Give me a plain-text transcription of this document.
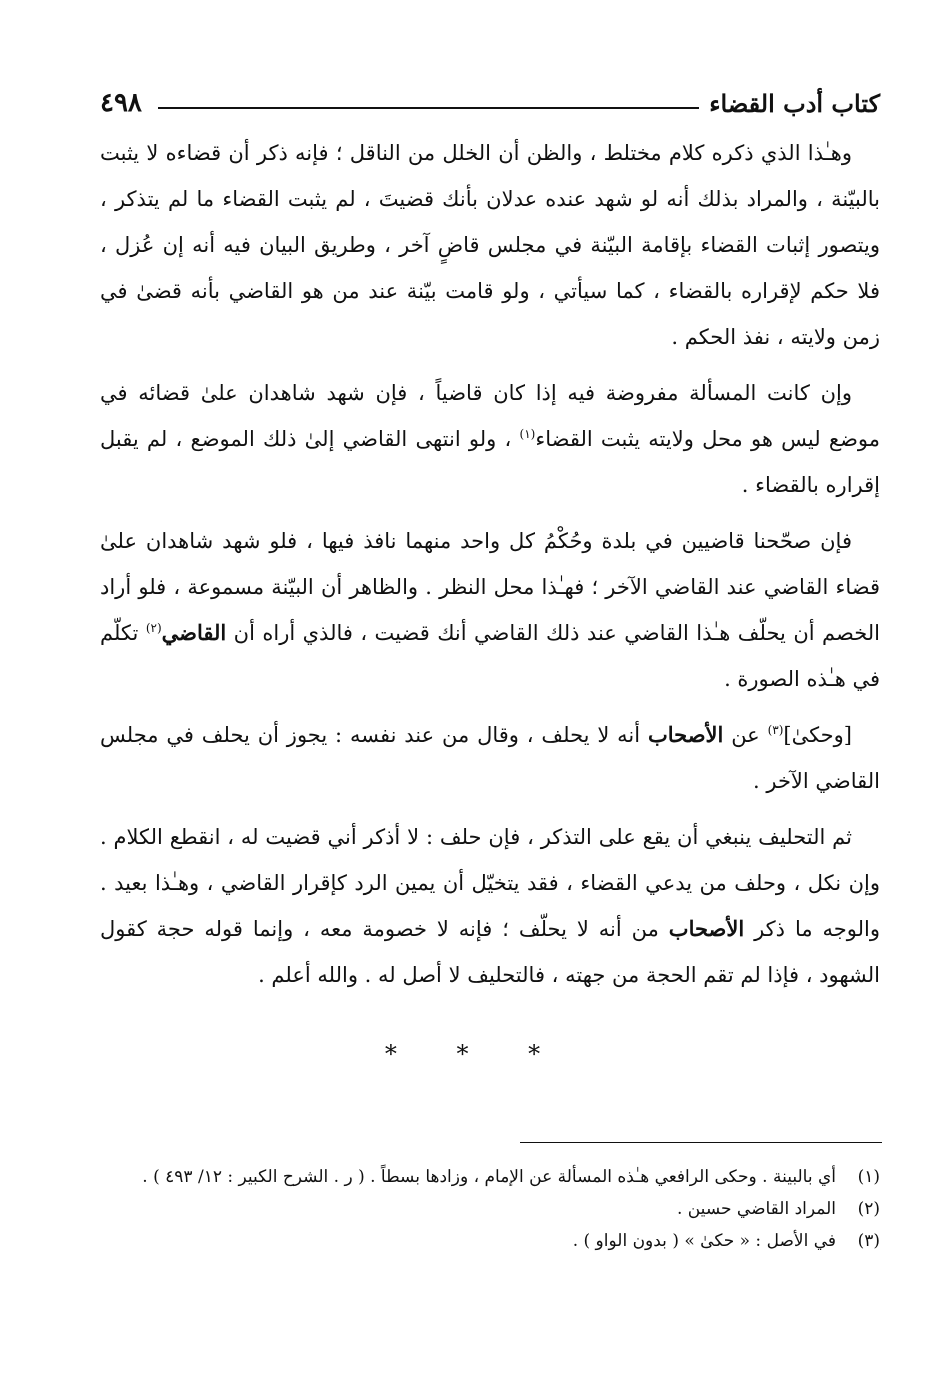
٤٩٨	كتاب أدب القضاء

وهـٰذا الذي ذكره كلام مختلط ، والظن أن الخلل من الناقل ؛ فإنه ذكر أن قضاءه لا يثبت بالبيّنة ، والمراد بذلك أنه لو شهد عنده عدلان بأنك قضيتَ ، لم يثبت القضاء ما لم يتذكر ، ويتصور إثبات القضاء بإقامة البيّنة في مجلس قاضٍ آخر ، وطريق البيان فيه أنه إن عُزل ، فلا حكم لإقراره بالقضاء ، كما سيأتي ، ولو قامت بيّنة عند من هو القاضي بأنه قضىٰ في زمن ولايته ، نفذ الحكم .

وإن كانت المسألة مفروضة فيه إذا كان قاضياً ، فإن شهد شاهدان علىٰ قضائه في موضع ليس هو محل ولايته يثبت القضاء$^{(١)}$ ، ولو انتهى القاضي إلىٰ ذلك الموضع ، لم يقبل إقراره بالقضاء .

فإن صحّحنا قاضيين في بلدة وحُكْمُ كل واحد منهما نافذ فيها ، فلو شهد شاهدان علىٰ قضاء القاضي عند القاضي الآخر ؛ فهـٰذا محل النظر . والظاهر أن البيّنة مسموعة ، فلو أراد الخصم أن يحلّف هـٰذا القاضي عند ذلك القاضي أنك قضيت ، فالذي أراه أن القاضي$^{(٢)}$ تكلّم في هـٰذه الصورة .

[وحكىٰ]$^{(٣)}$ عن الأصحاب أنه لا يحلف ، وقال من عند نفسه : يجوز أن يحلف في مجلس القاضي الآخر .

ثم التحليف ينبغي أن يقع على التذكر ، فإن حلف : لا أذكر أني قضيت له ، انقطع الكلام . وإن نكل ، وحلف من يدعي القضاء ، فقد يتخيّل أن يمين الرد كإقرار القاضي ، وهـٰذا بعيد . والوجه ما ذكر الأصحاب من أنه لا يحلّف ؛ فإنه لا خصومة معه ، وإنما قوله حجة كقول الشهود ، فإذا لم تقم الحجة من جهته ، فالتحليف لا أصل له . والله أعلم .

* * *
(١)
أي بالبينة . وحكى الرافعي هـٰذه المسألة عن الإمام ، وزادها بسطاً . ( ر . الشرح الكبير : ١٢/ ٤٩٣ ) .
(٢)
المراد القاضي حسين .
(٣)
في الأصل : « حكىٰ » ( بدون الواو ) .
